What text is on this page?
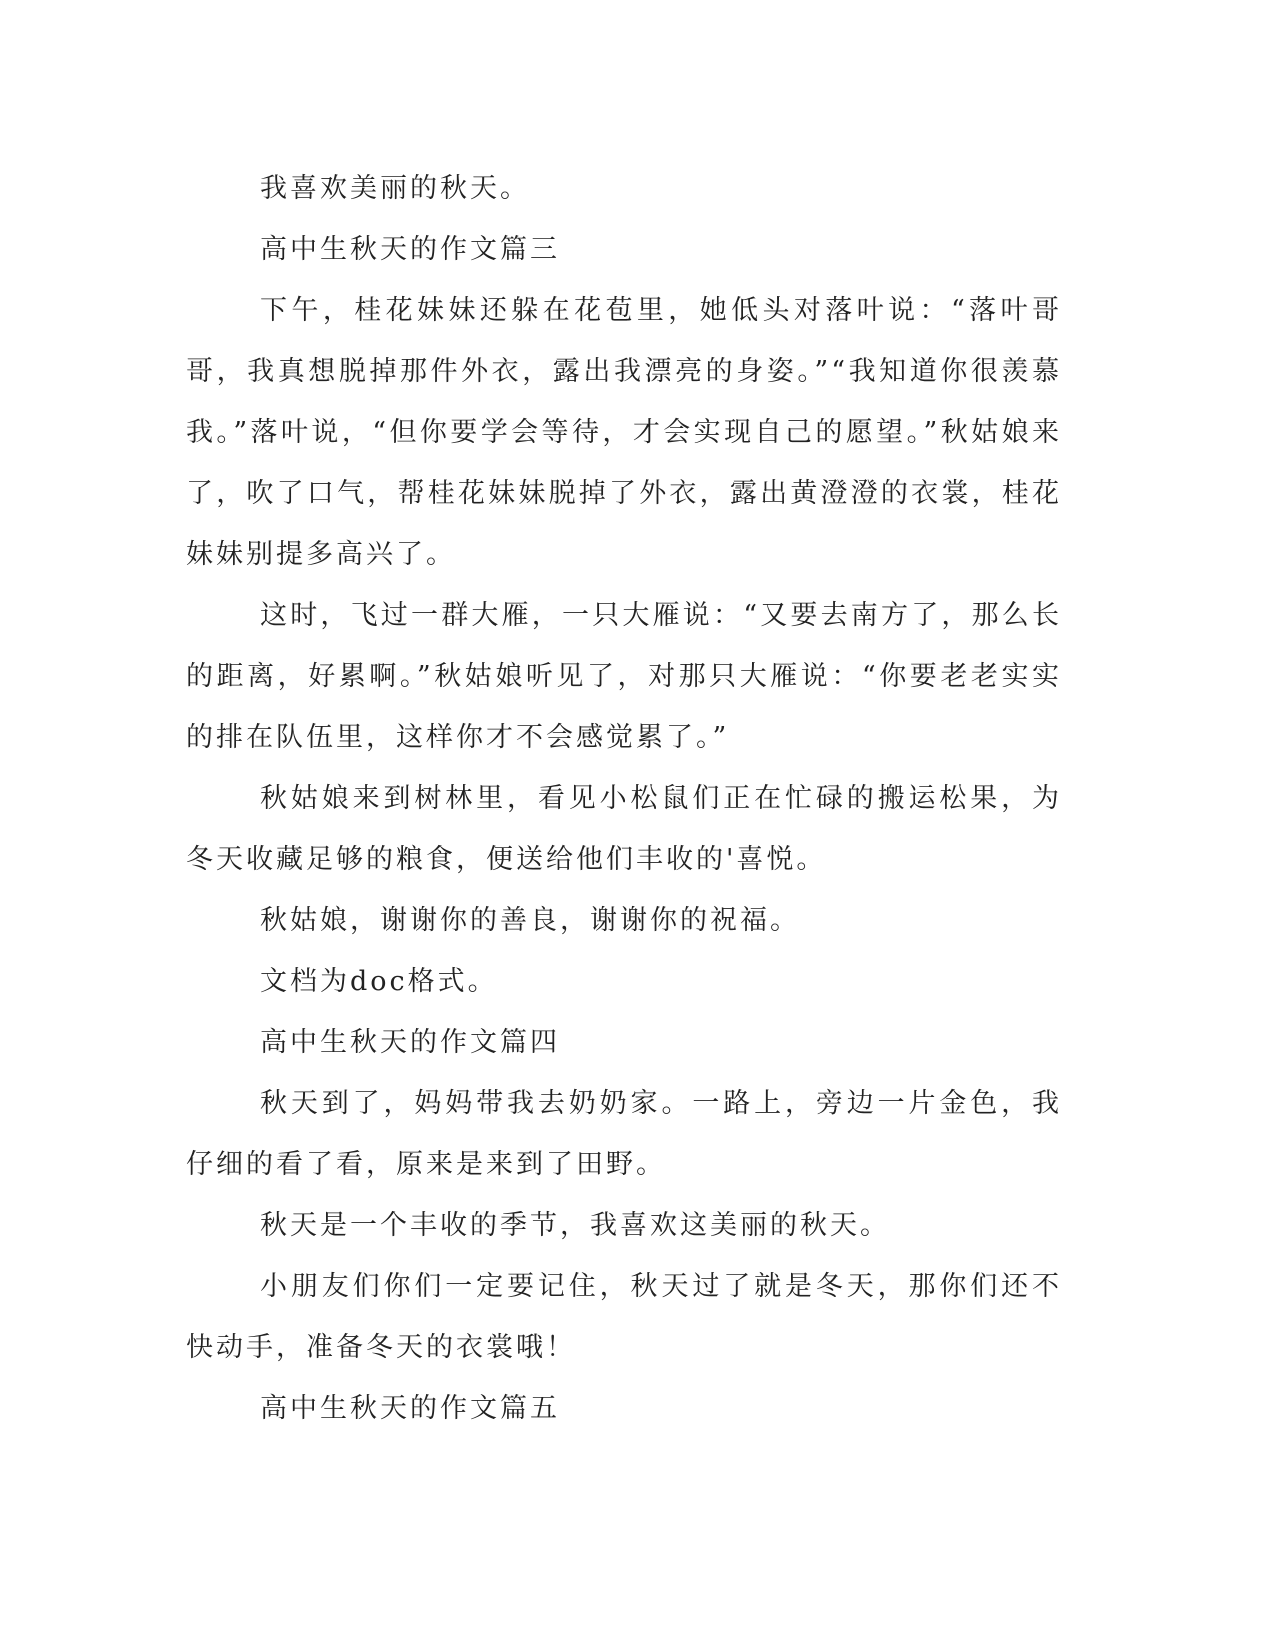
我喜欢美丽的秋天。

高中生秋天的作文篇三

下午，桂花妹妹还躲在花苞里，她低头对落叶说：“落叶哥哥，我真想脱掉那件外衣，露出我漂亮的身姿。”“我知道你很羡慕我。”落叶说，“但你要学会等待，才会实现自己的愿望。”秋姑娘来了，吹了口气，帮桂花妹妹脱掉了外衣，露出黄澄澄的衣裳，桂花妹妹别提多高兴了。

这时，飞过一群大雁，一只大雁说：“又要去南方了，那么长的距离，好累啊。”秋姑娘听见了，对那只大雁说：“你要老老实实的排在队伍里，这样你才不会感觉累了。”

秋姑娘来到树林里，看见小松鼠们正在忙碌的搬运松果，为冬天收藏足够的粮食，便送给他们丰收的'喜悦。

秋姑娘，谢谢你的善良，谢谢你的祝福。

文档为doc格式。

高中生秋天的作文篇四

秋天到了，妈妈带我去奶奶家。一路上，旁边一片金色，我仔细的看了看，原来是来到了田野。

秋天是一个丰收的季节，我喜欢这美丽的秋天。

小朋友们你们一定要记住，秋天过了就是冬天，那你们还不快动手，准备冬天的衣裳哦！

高中生秋天的作文篇五
